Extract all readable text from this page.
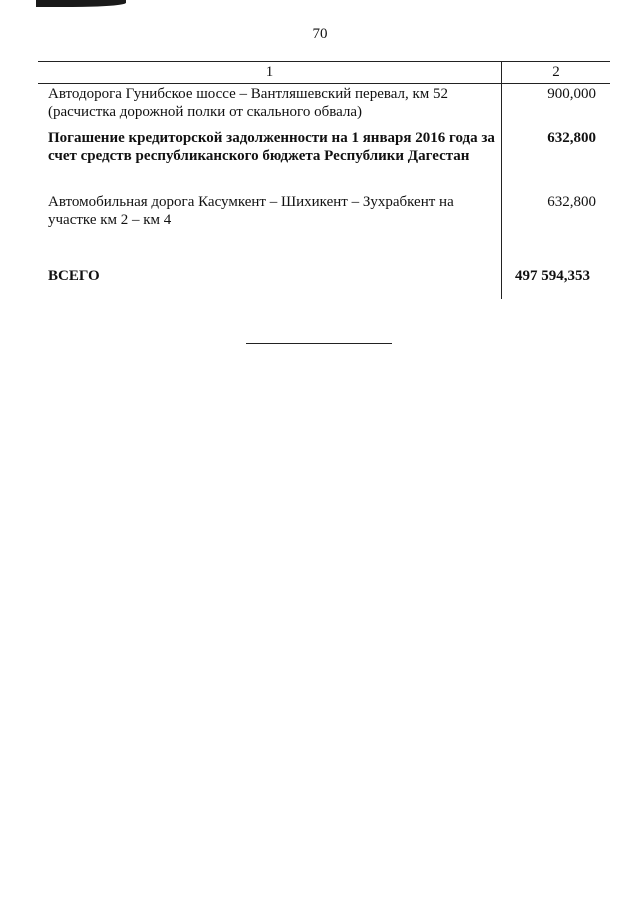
70
1	2
Автодорога Гунибское шоссе – Вантляшевский перевал, км 52 (расчистка дорожной полки от скального обвала)
900,000
Погашение кредиторской задолженности на 1 января 2016 года за счет средств республиканского бюджета Республики Дагестан
632,800
Автомобильная дорога Касумкент – Шихикент – Зухрабкент на участке км 2 – км 4
632,800
ВСЕГО	497 594,353
